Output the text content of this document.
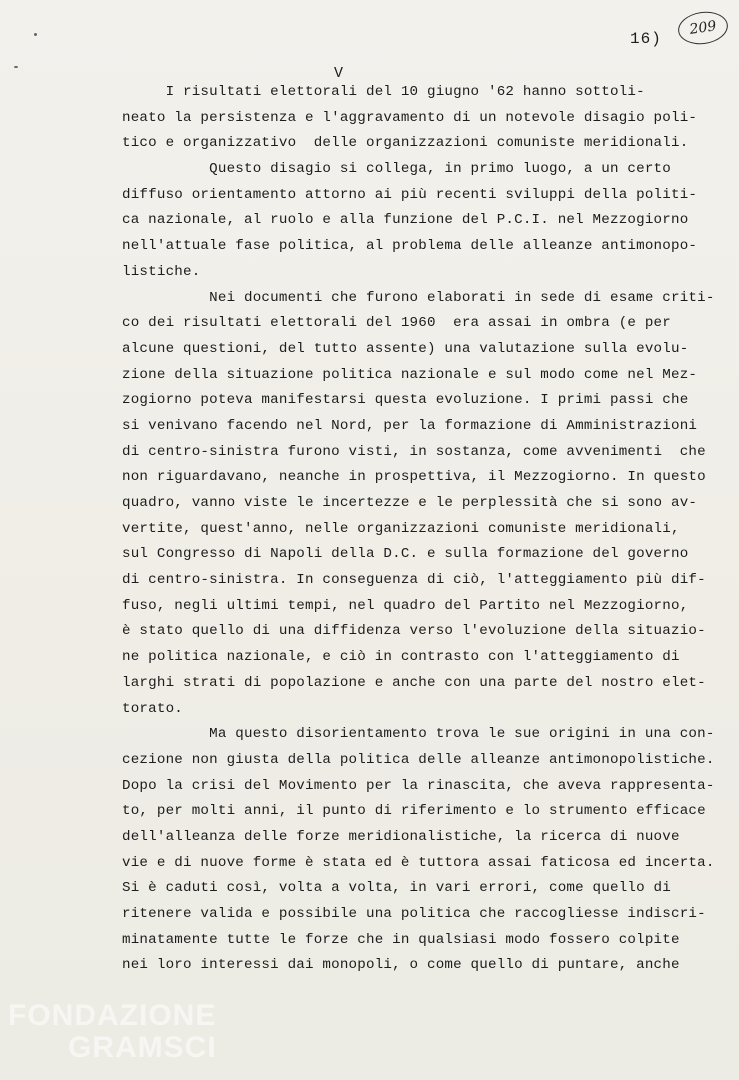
16)
209
V
I risultati elettorali del 10 giugno '62 hanno sottoli-
neato la persistenza e l'aggravamento di un notevole disagio poli-
tico e organizzativo  delle organizzazioni comuniste meridionali.
Questo disagio si collega, in primo luogo, a un certo
diffuso orientamento attorno ai più recenti sviluppi della politi-
ca nazionale, al ruolo e alla funzione del P.C.I. nel Mezzogiorno
nell'attuale fase politica, al problema delle alleanze antimonopo-
listiche.
Nei documenti che furono elaborati in sede di esame criti-
co dei risultati elettorali del 1960  era assai in ombra (e per
alcune questioni, del tutto assente) una valutazione sulla evolu-
zione della situazione politica nazionale e sul modo come nel Mez-
zogiorno poteva manifestarsi questa evoluzione. I primi passi che
si venivano facendo nel Nord, per la formazione di Amministrazioni
di centro-sinistra furono visti, in sostanza, come avvenimenti  che
non riguardavano, neanche in prospettiva, il Mezzogiorno. In questo
quadro, vanno viste le incertezze e le perplessità che si sono av-
vertite, quest'anno, nelle organizzazioni comuniste meridionali,
sul Congresso di Napoli della D.C. e sulla formazione del governo
di centro-sinistra. In conseguenza di ciò, l'atteggiamento più dif-
fuso, negli ultimi tempi, nel quadro del Partito nel Mezzogiorno,
è stato quello di una diffidenza verso l'evoluzione della situazio-
ne politica nazionale, e ciò in contrasto con l'atteggiamento di
larghi strati di popolazione e anche con una parte del nostro elet-
torato.
Ma questo disorientamento trova le sue origini in una con-
cezione non giusta della politica delle alleanze antimonopolistiche.
Dopo la crisi del Movimento per la rinascita, che aveva rappresenta-
to, per molti anni, il punto di riferimento e lo strumento efficace
dell'alleanza delle forze meridionalistiche, la ricerca di nuove
vie e di nuove forme è stata ed è tuttora assai faticosa ed incerta.
Si è caduti così, volta a volta, in vari errori, come quello di
ritenere valida e possibile una politica che raccogliesse indiscri-
minatamente tutte le forze che in qualsiasi modo fossero colpite
nei loro interessi dai monopoli, o come quello di puntare, anche
FONDAZIONE
GRAMSCI
